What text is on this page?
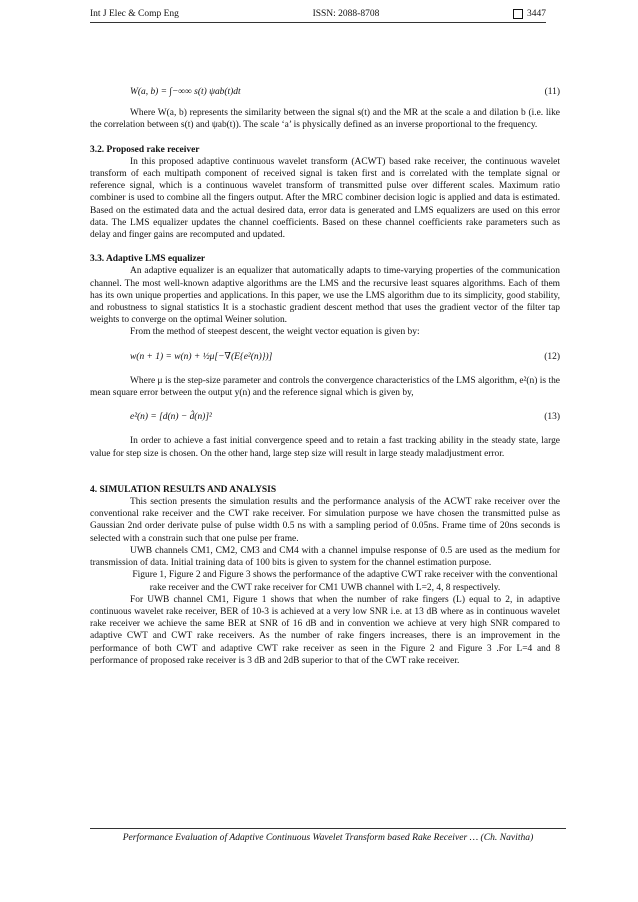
Int J Elec & Comp Eng	ISSN: 2088-8708	3447

W(a, b) = ∫−∞∞ s(t) ψab(t)dt	(11)

Where W(a, b) represents the similarity between the signal s(t) and the MR at the scale a and dilation b (i.e. like the correlation between s(t) and ψab(t)). The scale ‘a’ is physically defined as an inverse proportional to the frequency.

3.2. Proposed rake receiver

In this proposed adaptive continuous wavelet transform (ACWT) based rake receiver, the continuous wavelet transform of each multipath component of received signal is taken first and is correlated with the template signal or reference signal, which is a continuous wavelet transform of transmitted pulse over different scales. Maximum ratio combiner is used to combine all the fingers output. After the MRC combiner decision logic is applied and data is estimated. Based on the estimated data and the actual desired data, error data is generated and LMS equalizers are used on this error data. The LMS equalizer updates the channel coefficients. Based on these channel coefficients rake parameters such as delay and finger gains are recomputed and updated.

3.3. Adaptive LMS equalizer

An adaptive equalizer is an equalizer that automatically adapts to time-varying properties of the communication channel. The most well-known adaptive algorithms are the LMS and the recursive least squares algorithms. Each of them has its own unique properties and applications. In this paper, we use the LMS algorithm due to its simplicity, good stability, and robustness to signal statistics It is a stochastic gradient descent method that uses the gradient vector of the filter tap weights to converge on the optimal Weiner solution.

From the method of steepest descent, the weight vector equation is given by:

w(n + 1) = w(n) + ½μ[−∇(E{e²(n)})]	(12)

Where μ is the step-size parameter and controls the convergence characteristics of the LMS algorithm, e²(n) is the mean square error between the output y(n) and the reference signal which is given by,

e²(n) = [d(n) − d̂(n)]²	(13)

In order to achieve a fast initial convergence speed and to retain a fast tracking ability in the steady state, large value for step size is chosen. On the other hand, large step size will result in large steady maladjustment error.

4. SIMULATION RESULTS AND ANALYSIS

This section presents the simulation results and the performance analysis of the ACWT rake receiver over the conventional rake receiver and the CWT rake receiver. For simulation purpose we have chosen the transmitted pulse as Gaussian 2nd order derivate pulse of pulse width 0.5 ns with a sampling period of 0.05ns. Frame time of 20ns seconds is selected with a constrain such that one pulse per frame.

UWB channels CM1, CM2, CM3 and CM4 with a channel impulse response of 0.5 are used as the medium for transmission of data. Initial training data of 100 bits is given to system for the channel estimation purpose.

Figure 1, Figure 2 and Figure 3 shows the performance of the adaptive CWT rake receiver with the conventional rake receiver and the CWT rake receiver for CM1 UWB channel with L=2, 4, 8 respectively.

For UWB channel CM1, Figure 1 shows that when the number of rake fingers (L) equal to 2, in adaptive continuous wavelet rake receiver, BER of 10-3 is achieved at a very low SNR i.e. at 13 dB where as in continuous wavelet rake receiver we achieve the same BER at SNR of 16 dB and in convention we achieve at very high SNR compared to adaptive CWT and CWT rake receivers. As the number of rake fingers increases, there is an improvement in the performance of both CWT and adaptive CWT rake receiver as seen in the Figure 2 and Figure 3 .For L=4 and 8 performance of proposed rake receiver is 3 dB and 2dB superior to that of the CWT rake receiver.

Performance Evaluation of Adaptive Continuous Wavelet Transform based Rake Receiver … (Ch. Navitha)
